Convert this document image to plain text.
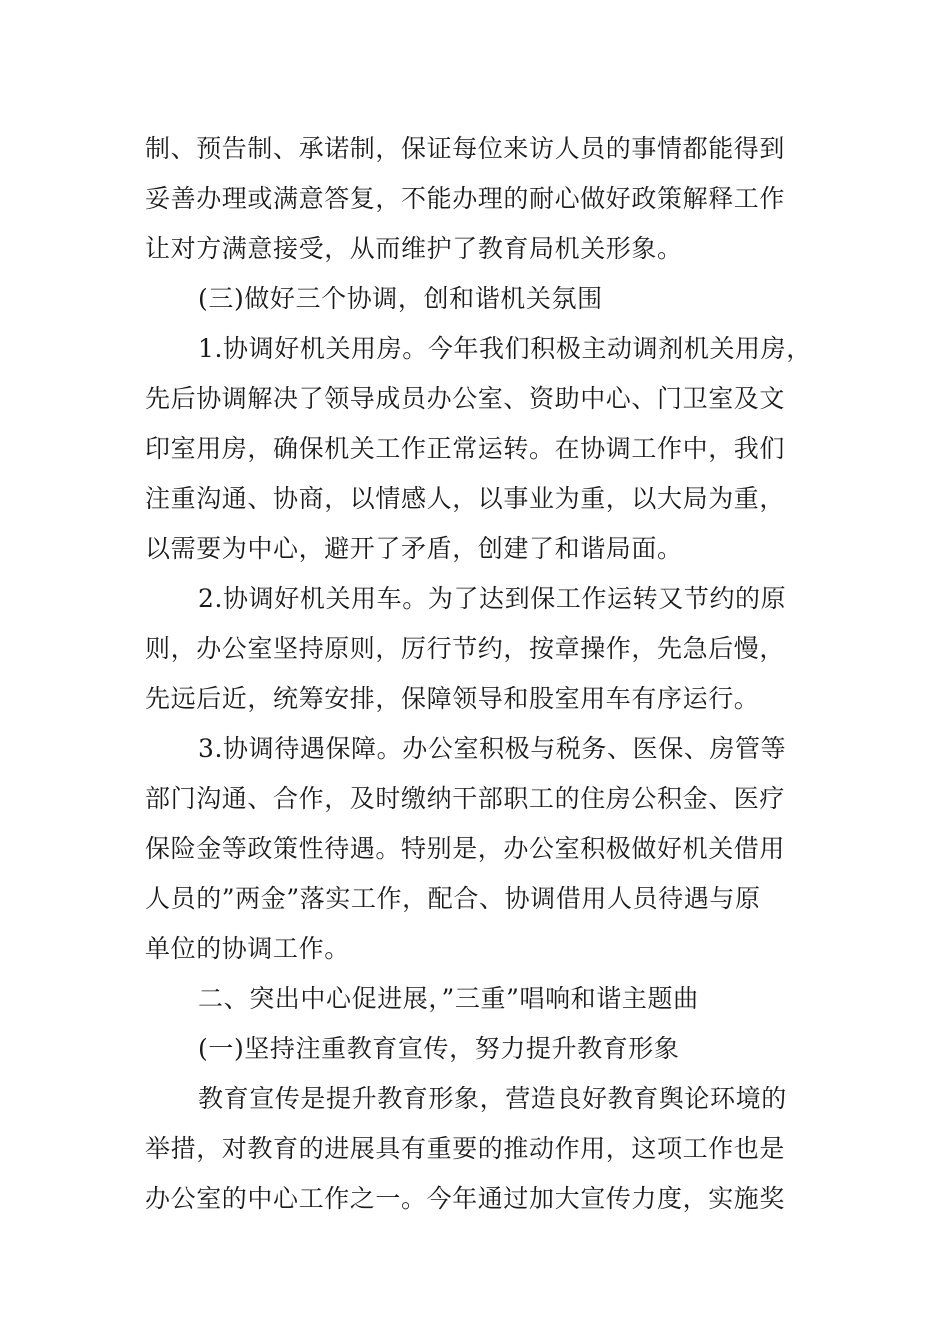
制、预告制、承诺制，保证每位来访人员的事情都能得到
妥善办理或满意答复，不能办理的耐心做好政策解释工作
让对方满意接受，从而维护了教育局机关形象。
(三)做好三个协调，创和谐机关氛围
1.协调好机关用房。今年我们积极主动调剂机关用房，
先后协调解决了领导成员办公室、资助中心、门卫室及文
印室用房，确保机关工作正常运转。在协调工作中，我们
注重沟通、协商，以情感人，以事业为重，以大局为重，
以需要为中心，避开了矛盾，创建了和谐局面。
2.协调好机关用车。为了达到保工作运转又节约的原
则，办公室坚持原则，厉行节约，按章操作，先急后慢，
先远后近，统筹安排，保障领导和股室用车有序运行。
3.协调待遇保障。办公室积极与税务、医保、房管等
部门沟通、合作，及时缴纳干部职工的住房公积金、医疗
保险金等政策性待遇。特别是，办公室积极做好机关借用
人员的”两金”落实工作，配合、协调借用人员待遇与原
单位的协调工作。
二、突出中心促进展，”三重”唱响和谐主题曲
(一)坚持注重教育宣传，努力提升教育形象
教育宣传是提升教育形象，营造良好教育舆论环境的
举措，对教育的进展具有重要的推动作用，这项工作也是
办公室的中心工作之一。今年通过加大宣传力度，实施奖
